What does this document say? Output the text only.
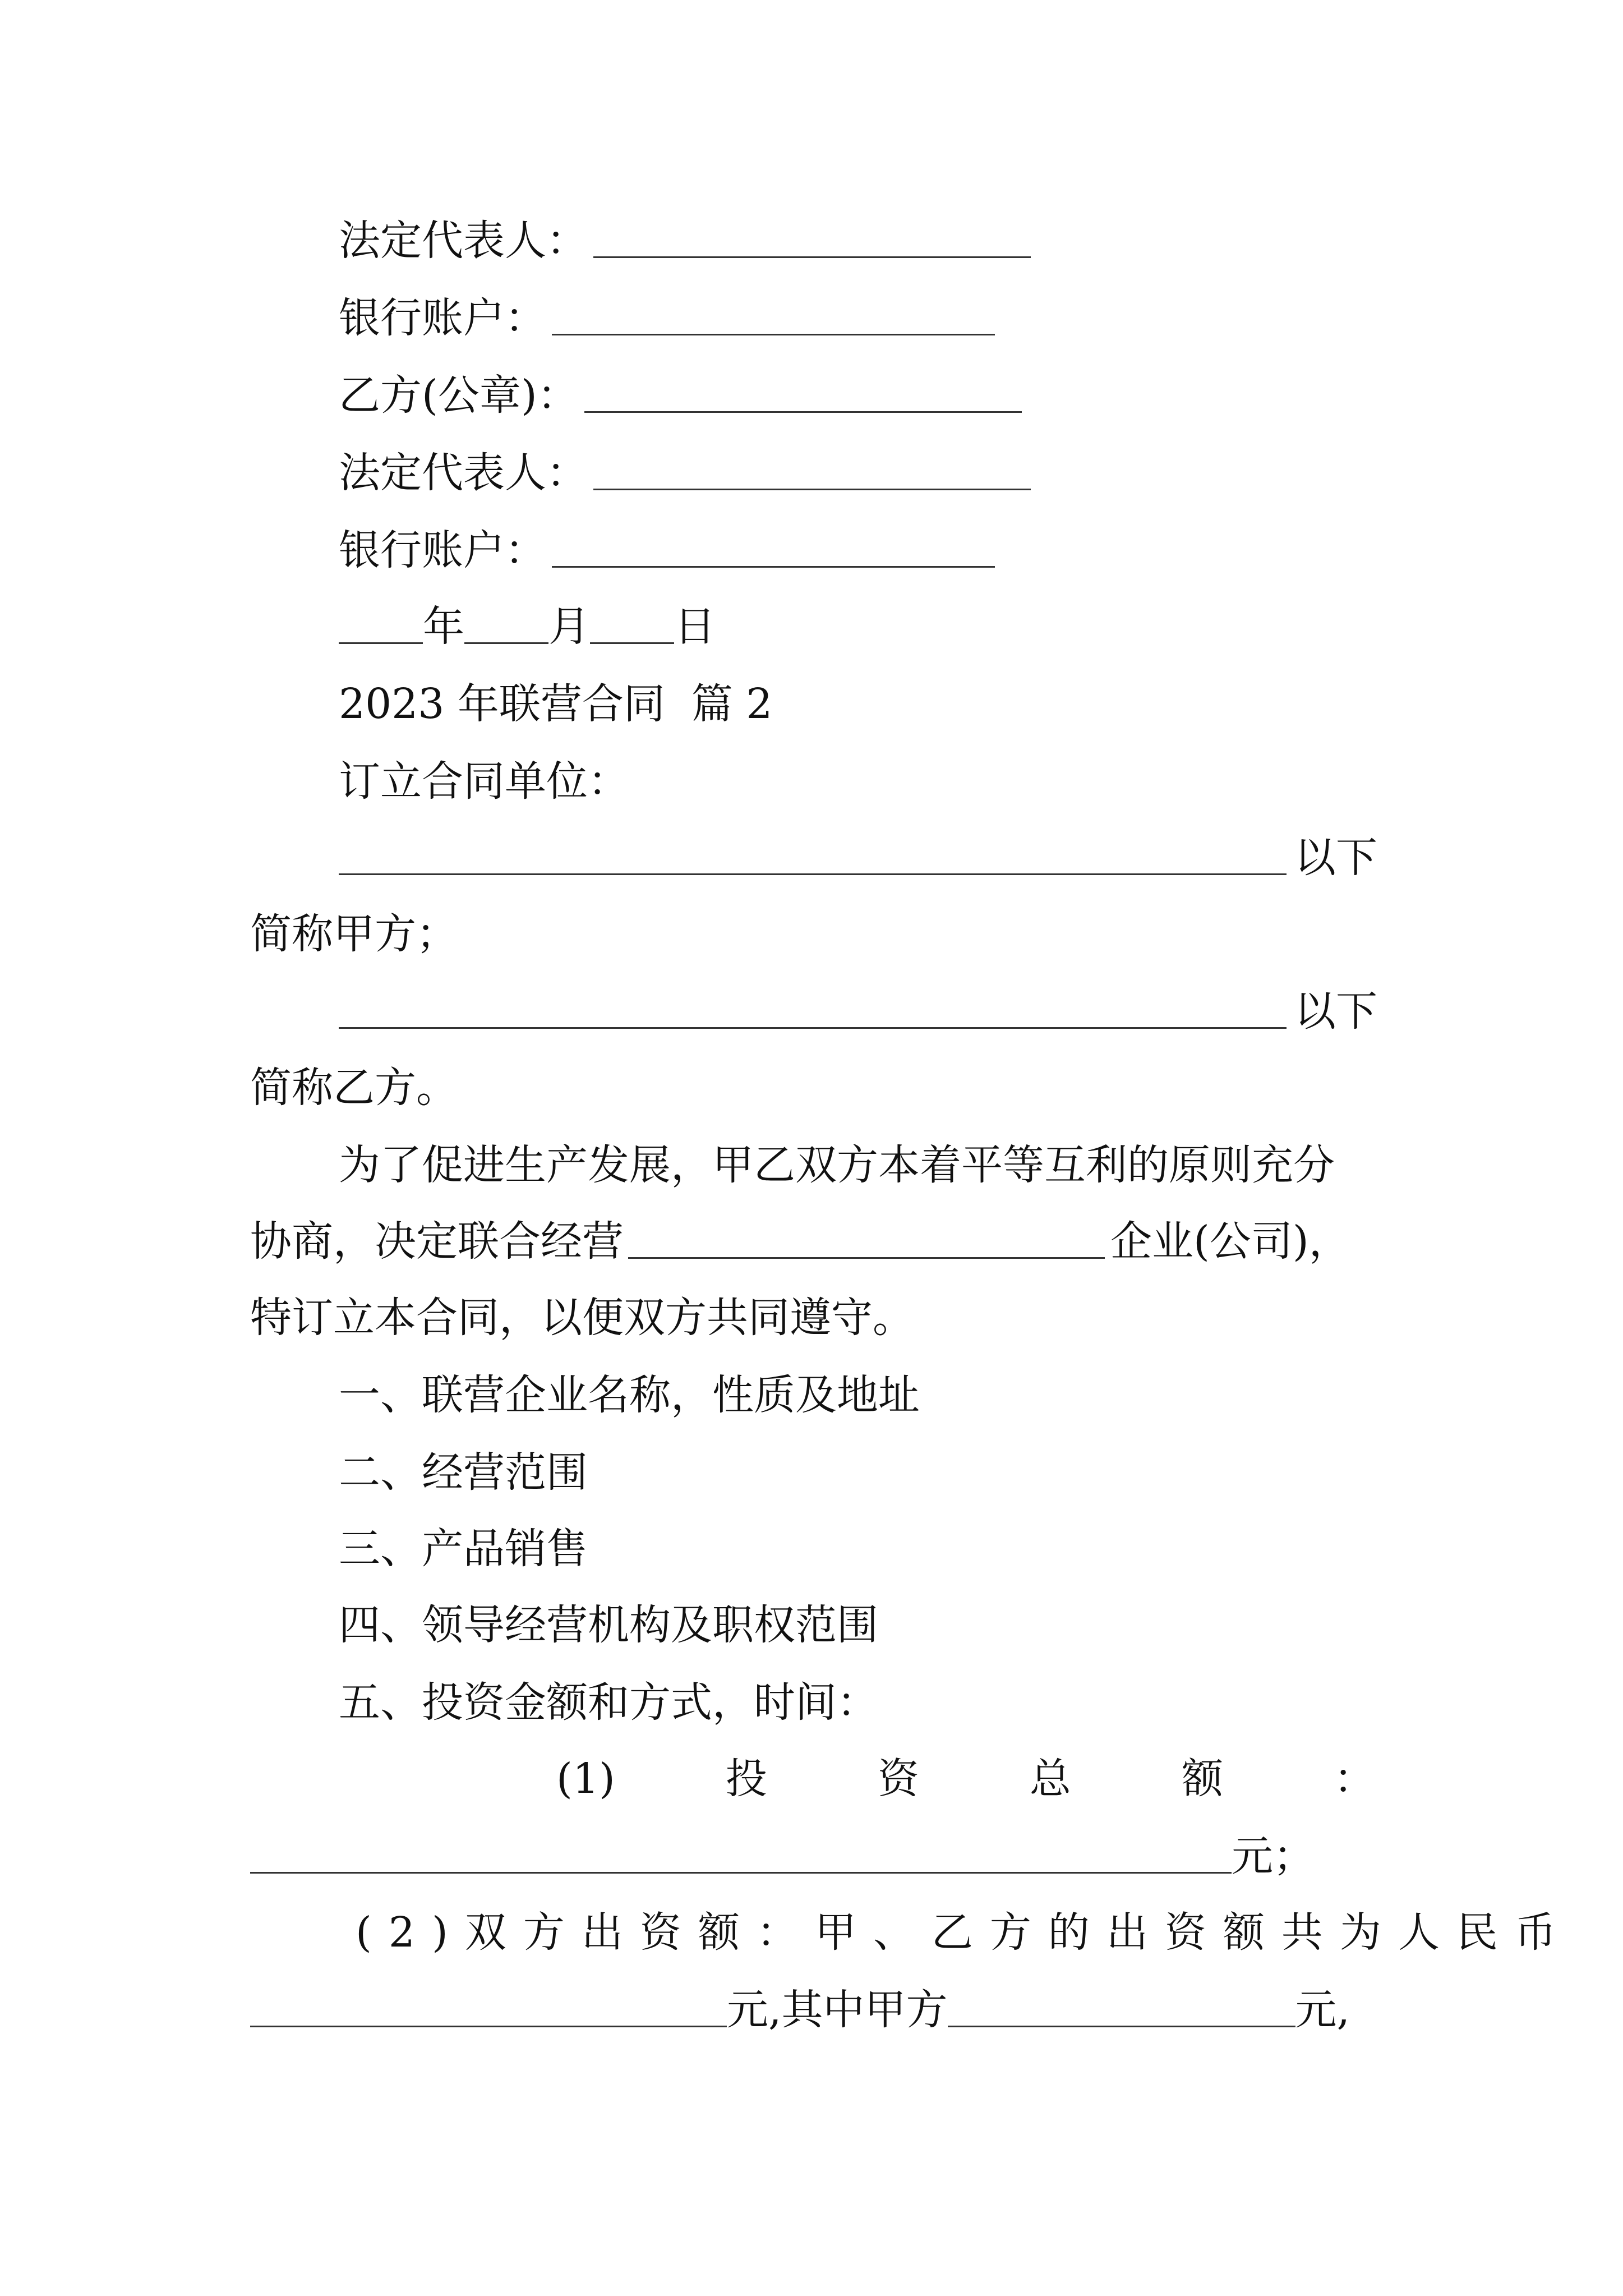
法定代表人：
银行账户：
乙方(公章)：
法定代表人：
银行账户：
年 月 日
2023 年联营合同  篇 2
订立合同单位：
以下
简称甲方；
以下
简称乙方。
为了促进生产发展，甲乙双方本着平等互利的原则充分
协商，决定联合经营	企业(公司)，
特订立本合同，以便双方共同遵守。
一、联营企业名称，性质及地址
二、经营范围
三、产品销售
四、领导经营机构及职权范围
五、投资金额和方式，时间：
(1)	投	资	总	额	：
元；
(2)双方出资额：甲、乙方的出资额共为人民币
元,其中甲方	元,
